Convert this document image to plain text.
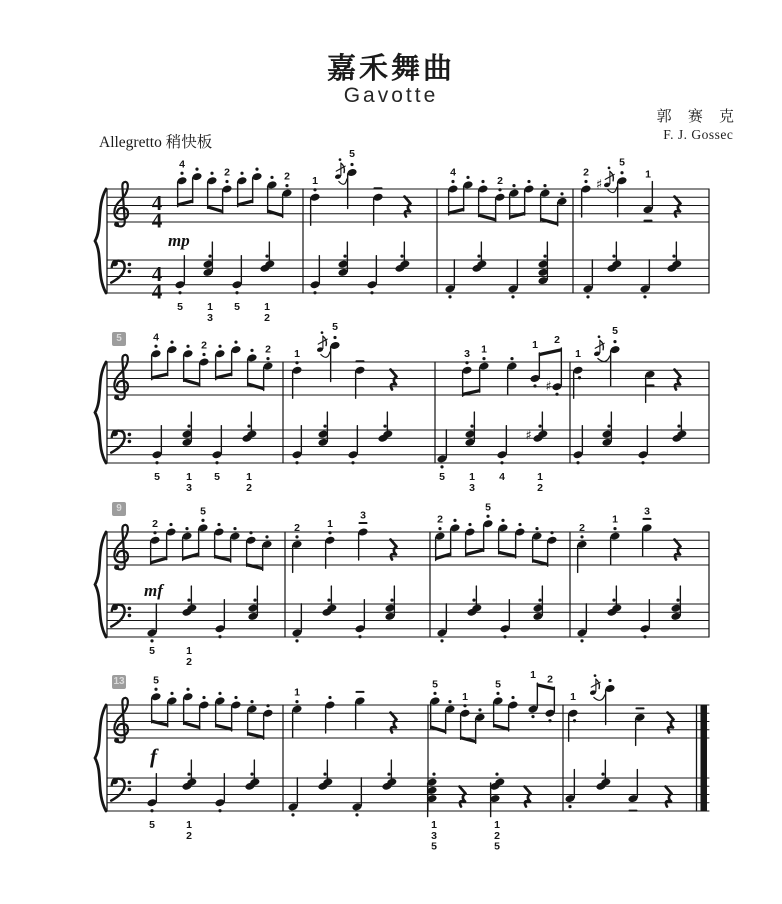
嘉禾舞曲
Gavotte
郭 赛 克
F. J. Gossec
Allegretto 稍快板
4
4
4
4
4
2	2 1
5
4
2
2
♯
5
1
5 1
3
5 1
2
4
2	2 1
5
3 1	1 2
♯
1
5
5 1
3
5 1
2
5 1
3
4
♯
1
2
2
5
2	1
3	2
5
2
1
3
5	1
2
5
1
5
1
5
1 2
1
5	1
2
1
3
5
1
2
5
mp
mf
f
5
9
13
